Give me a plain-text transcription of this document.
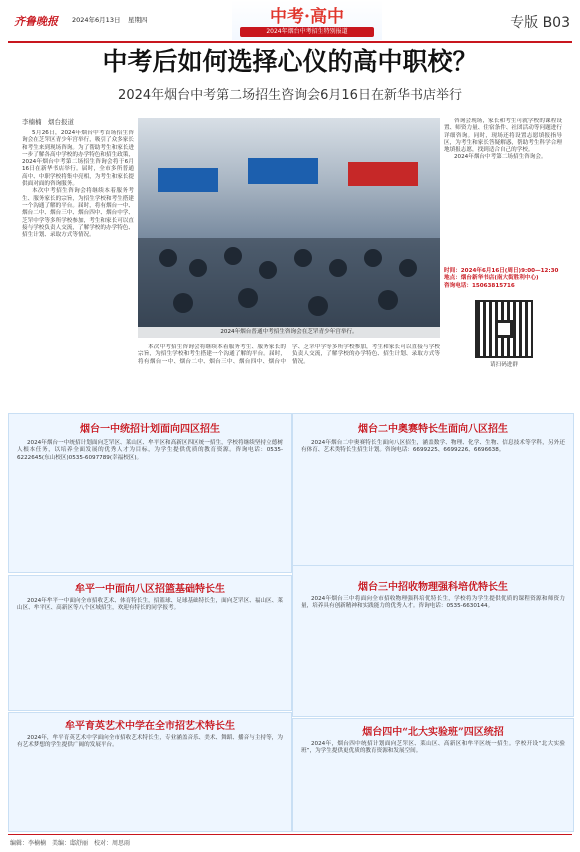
齐鲁晚报 2024年6月13日 星期四	中考·高中
2024年烟台中考招生特别报道
专版 B03
中考后如何选择心仪的高中职校？
2024年烟台中考第二场招生咨询会6月16日在新华书店举行
李楠楠　烟台报道

5月26日，2024年烟台中考首场招生咨询会在芝罘区青少年宫举行，吸引了众多家长和考生来到现场咨询。为了帮助考生和家长进一步了解各高中学校的办学特色和招生政策，2024年烟台中考第二场招生咨询会将于6月16日在新华书店举行。届时，全市多所普通高中、中职学校将集中亮相，为考生和家长提供面对面的咨询服务。

本次中考招生咨询会将继续本着服务考生、服务家长的宗旨，为招生学校和考生搭建一个沟通了解的平台。届时，将有烟台一中、烟台二中、烟台三中、烟台四中、烟台中学、芝罘中学等多所学校参加，考生和家长可以直接与学校负责人交流，了解学校的办学特色、招生计划、录取方式等情况。

2024年烟台普通中考招生咨询会在芝罘青少年宫举行。

咨询会现场，家长和考生可就学校的课程设置、师资力量、住宿条件、社团活动等问题进行详细咨询。同时，现场还将设置志愿填报指导区，为考生和家长答疑解惑，帮助考生科学合理地填报志愿，找到适合自己的学校。

2024年烟台中考第二场招生咨询会。

时间：2024年6月16日(周日)9:00—12:30
地点：烟台新华书店(南大街胜利中心)
咨询电话：15063815716
请扫码进群

本次中考招生咨询会将继续本着服务考生、服务家长的宗旨，为招生学校和考生搭建一个沟通了解的平台。届时，将有烟台一中、烟台二中、烟台三中、烟台四中、烟台中学、芝罘中学等多所学校参加，考生和家长可以直接与学校负责人交流，了解学校的办学特色、招生计划、录取方式等情况。

烟台一中统招计划面向四区招生
2024年烟台一中统招计划面向芝罘区、莱山区、牟平区和高新区四区统一招生，学校将继续坚持立德树人根本任务，以培养全面发展的优秀人才为目标，为学生提供优质的教育资源。咨询电话：0535-6222645(东山校区)0535-6097789(幸福校区)。
烟台二中奥赛特长生面向八区招生
2024年烟台二中奥赛特长生面向八区招生，涵盖数学、物理、化学、生物、信息技术等学科，另外还有体育、艺术类特长生招生计划。咨询电话：6699225、6699226、6696638。
牟平一中面向八区招篮基础特长生
2024年牟平一中面向全市招收艺术、体育特长生，招篮球、足球基础特长生，面向芝罘区、福山区、莱山区、牟平区、高新区等八个区域招生，欢迎有特长的同学报考。
烟台三中招收物理强科培优特长生
2024年烟台三中将面向全市招收物理强科培优特长生，学校将为学生提供优质的课程资源和师资力量，培养具有创新精神和实践能力的优秀人才。咨询电话：0535-6630144。
牟平育英艺术中学在全市招艺术特长生
2024年，牟平育英艺术中学面向全市招收艺术特长生，专业涵盖音乐、美术、舞蹈、播音与主持等，为有艺术梦想的学生提供广阔的发展平台。
烟台四中“北大实验班”四区统招
2024年，烟台四中统招计划面向芝罘区、莱山区、高新区和牟平区统一招生。学校开设“北大实验班”，为学生提供更优质的教育资源和发展空间。
编辑：李楠楠　美编：邸舒丽　校对：周思雨
